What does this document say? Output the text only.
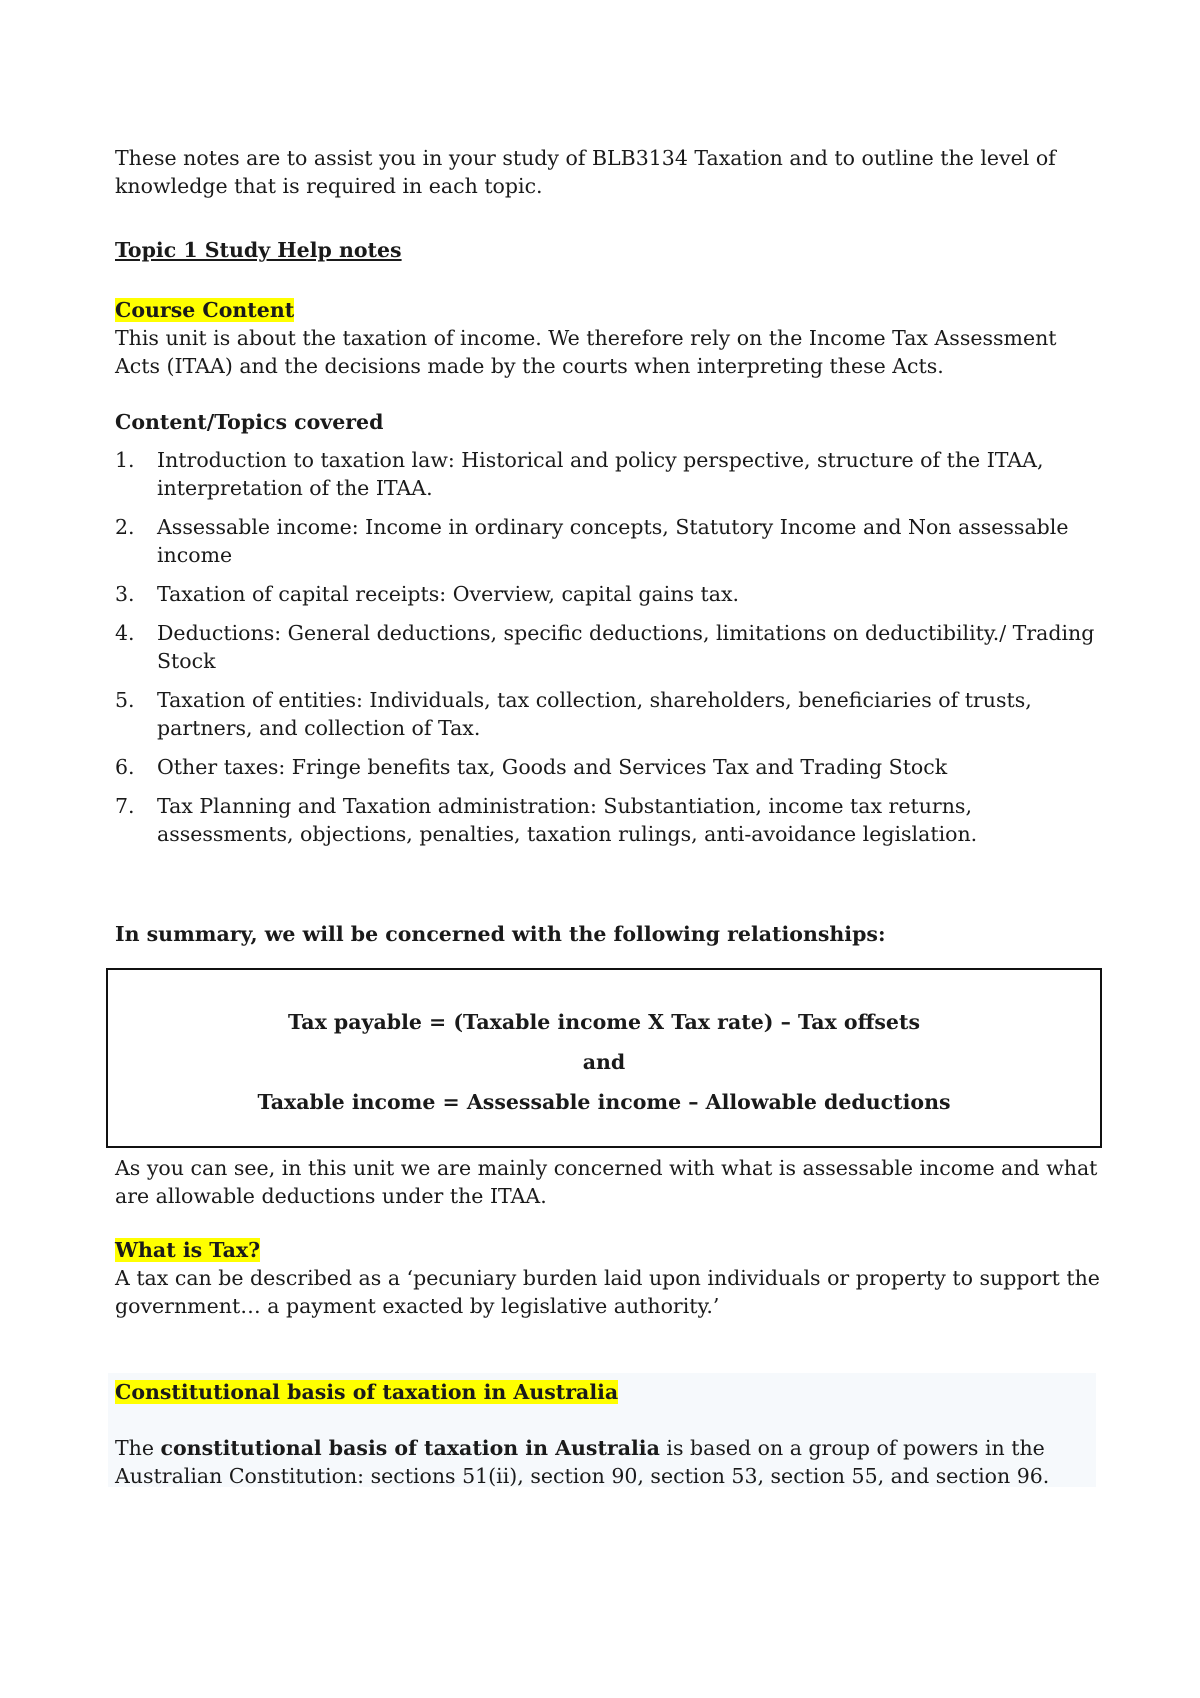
These notes are to assist you in your study of BLB3134 Taxation and to outline the level of knowledge that is required in each topic.

Topic 1 Study Help notes

Course Content

This unit is about the taxation of income. We therefore rely on the Income Tax Assessment Acts (ITAA) and the decisions made by the courts when interpreting these Acts.

Content/Topics covered

1. Introduction to taxation law: Historical and policy perspective, structure of the ITAA, interpretation of the ITAA.
2. Assessable income: Income in ordinary concepts, Statutory Income and Non assessable income
3. Taxation of capital receipts: Overview, capital gains tax.
4. Deductions: General deductions, specific deductions, limitations on deductibility./ Trading Stock
5. Taxation of entities: Individuals, tax collection, shareholders, beneficiaries of trusts, partners, and collection of Tax.
6. Other taxes: Fringe benefits tax, Goods and Services Tax and Trading Stock
7. Tax Planning and Taxation administration: Substantiation, income tax returns, assessments, objections, penalties, taxation rulings, anti-avoidance legislation.

In summary, we will be concerned with the following relationships:

Tax payable = (Taxable income X Tax rate) – Tax offsets
and
Taxable income = Assessable income – Allowable deductions

As you can see, in this unit we are mainly concerned with what is assessable income and what are allowable deductions under the ITAA.

What is Tax?

A tax can be described as a ‘pecuniary burden laid upon individuals or property to support the government… a payment exacted by legislative authority.’

Constitutional basis of taxation in Australia

The constitutional basis of taxation in Australia is based on a group of powers in the Australian Constitution: sections 51(ii), section 90, section 53, section 55, and section 96.
